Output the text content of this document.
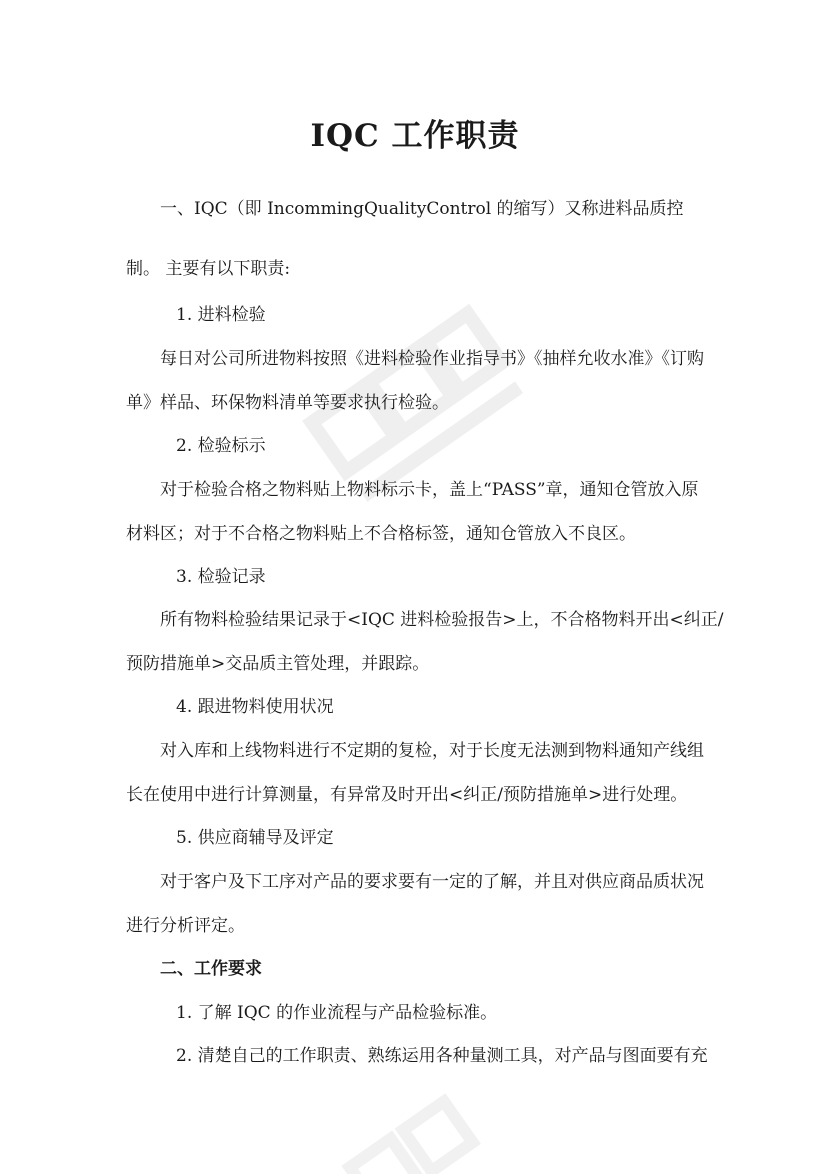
IQC 工作职责
一、IQC（即 IncommingQualityControl 的缩写）又称进料品质控
制。 主要有以下职责:
1. 进料检验
每日对公司所进物料按照《进料检验作业指导书》《抽样允收水准》《订购
单》样品、环保物料清单等要求执行检验。
2. 检验标示
对于检验合格之物料贴上物料标示卡，盖上“PASS”章，通知仓管放入原
材料区；对于不合格之物料贴上不合格标签，通知仓管放入不良区。
3. 检验记录
所有物料检验结果记录于<IQC 进料检验报告>上，不合格物料开出<纠正/
预防措施单>交品质主管处理，并跟踪。
4. 跟进物料使用状况
对入库和上线物料进行不定期的复检，对于长度无法测到物料通知产线组
长在使用中进行计算测量，有异常及时开出<纠正/预防措施单>进行处理。
5. 供应商辅导及评定
对于客户及下工序对产品的要求要有一定的了解，并且对供应商品质状况
进行分析评定。
二、工作要求
1. 了解 IQC 的作业流程与产品检验标准。
2. 清楚自己的工作职责、熟练运用各种量测工具，对产品与图面要有充
